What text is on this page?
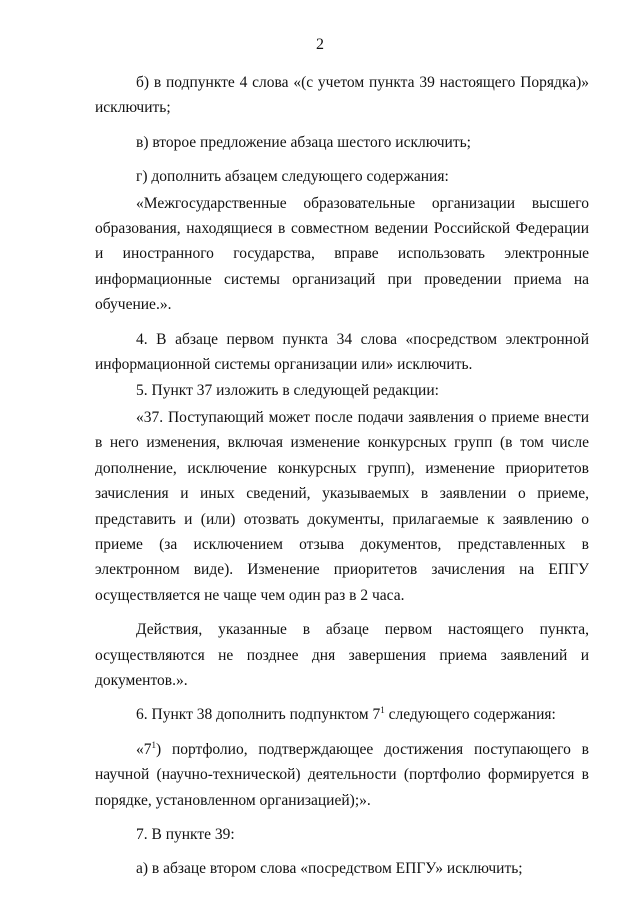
2

б) в подпункте 4 слова «(с учетом пункта 39 настоящего Порядка)» исключить;

в) второе предложение абзаца шестого исключить;

г) дополнить абзацем следующего содержания:

«Межгосударственные образовательные организации высшего образования, находящиеся в совместном ведении Российской Федерации и иностранного государства, вправе использовать электронные информационные системы организаций при проведении приема на обучение.».

4. В абзаце первом пункта 34 слова «посредством электронной информационной системы организации или» исключить.

5. Пункт 37 изложить в следующей редакции:

«37. Поступающий может после подачи заявления о приеме внести в него изменения, включая изменение конкурсных групп (в том числе дополнение, исключение конкурсных групп), изменение приоритетов зачисления и иных сведений, указываемых в заявлении о приеме, представить и (или) отозвать документы, прилагаемые к заявлению о приеме (за исключением отзыва документов, представленных в электронном виде). Изменение приоритетов зачисления на ЕПГУ осуществляется не чаще чем один раз в 2 часа.

Действия, указанные в абзаце первом настоящего пункта, осуществляются не позднее дня завершения приема заявлений и документов.».

6. Пункт 38 дополнить подпунктом $7^1$ следующего содержания:

«$7^1$) портфолио, подтверждающее достижения поступающего в научной (научно-технической) деятельности (портфолио формируется в порядке, установленном организацией);».

7. В пункте 39:

а) в абзаце втором слова «посредством ЕПГУ» исключить;
